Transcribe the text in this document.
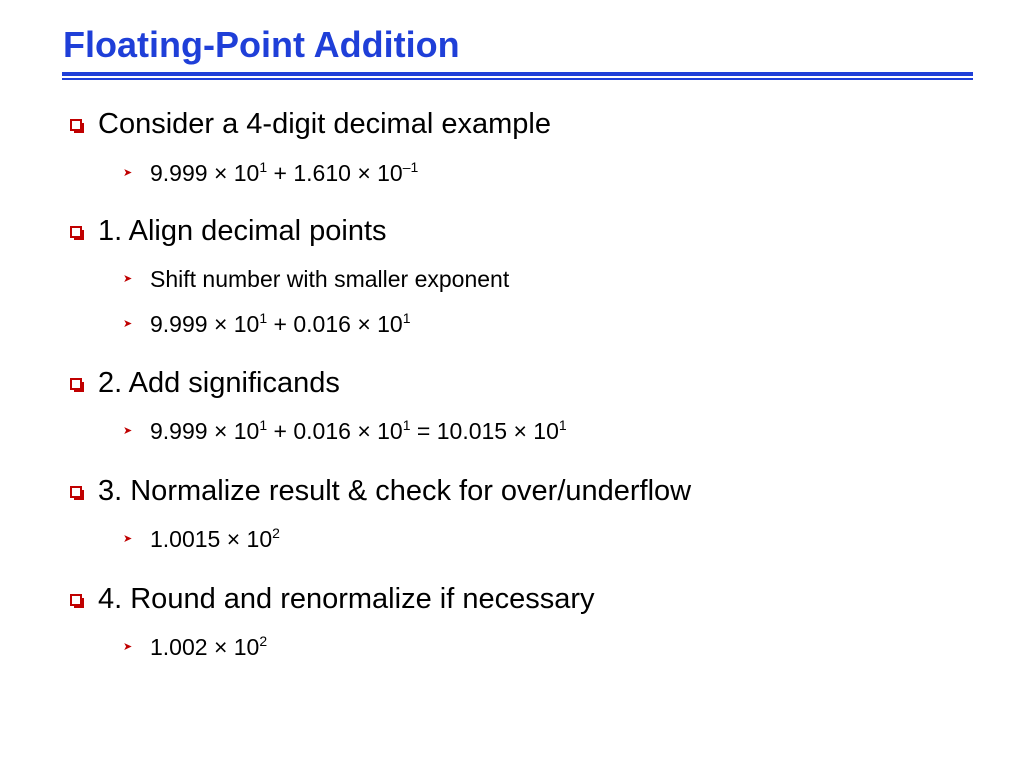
Floating-Point Addition
Consider a 4-digit decimal example
➤ $9.999 \times 10^1 + 1.610 \times 10^{-1}$
1. Align decimal points
➤ Shift number with smaller exponent
➤ $9.999 \times 10^1 + 0.016 \times 10^1$
2. Add significands
➤ $9.999 \times 10^1 + 0.016 \times 10^1 = 10.015 \times 10^1$
3. Normalize result & check for over/underflow
➤ $1.0015 \times 10^2$
4. Round and renormalize if necessary
➤ $1.002 \times 10^2$
